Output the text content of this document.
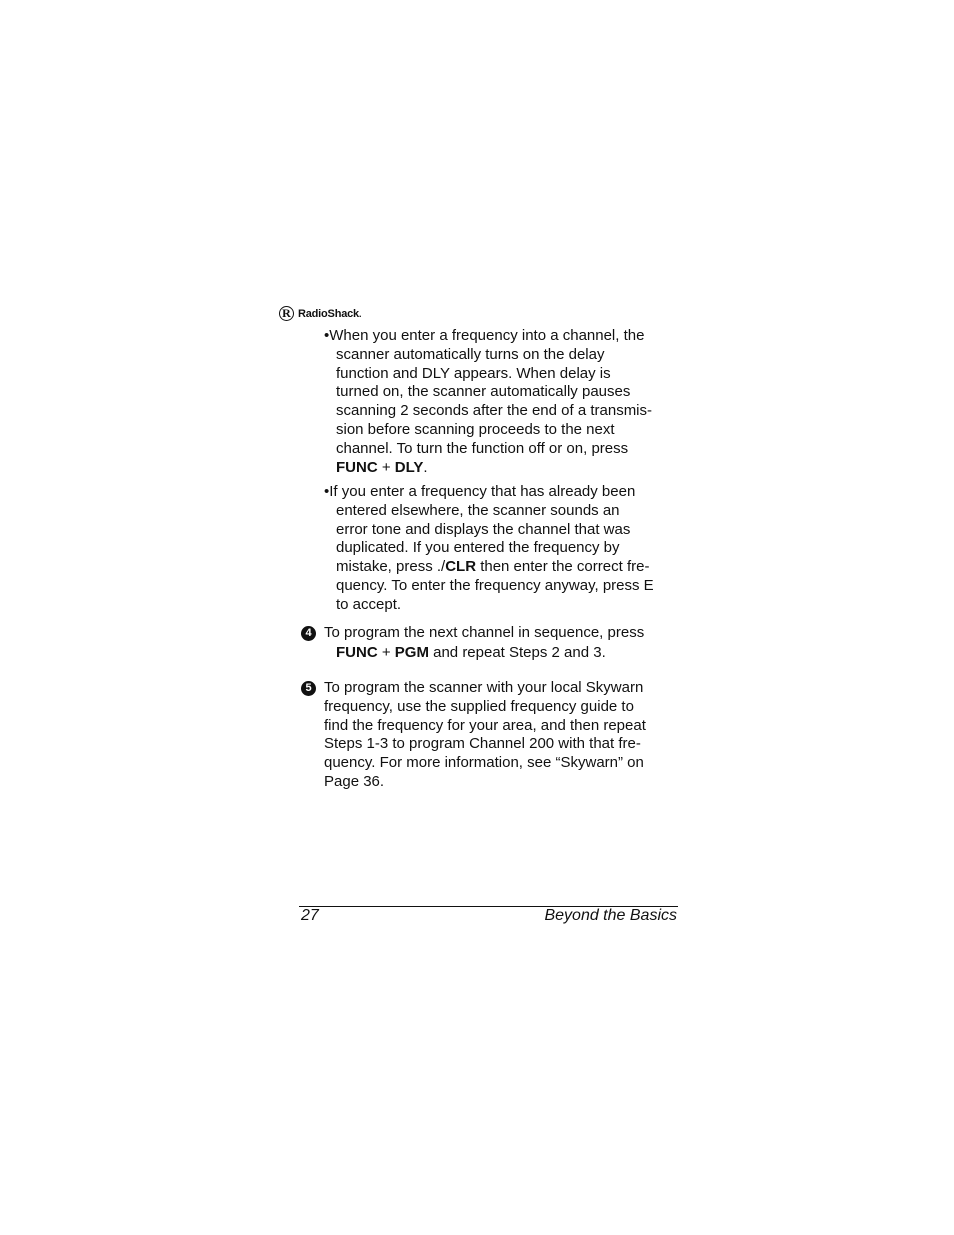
R RadioShack.
•When you enter a frequency into a channel, the
scanner automatically turns on the delay
function and DLY appears. When delay is
turned on, the scanner automatically pauses
scanning 2 seconds after the end of a transmis-
sion before scanning proceeds to the next
channel. To turn the function off or on, press
FUNC + DLY.
•If you enter a frequency that has already been
entered elsewhere, the scanner sounds an
error tone and displays the channel that was
duplicated. If you entered the frequency by
mistake, press ./CLR then enter the correct fre-
quency. To enter the frequency anyway, press E
to accept.
4 To program the next channel in sequence, press
FUNC + PGM and repeat Steps 2 and 3.
5 To program the scanner with your local Skywarn
frequency, use the supplied frequency guide to
find the frequency for your area, and then repeat
Steps 1-3 to program Channel 200 with that fre-
quency. For more information, see “Skywarn” on
Page 36.
27	Beyond the Basics
